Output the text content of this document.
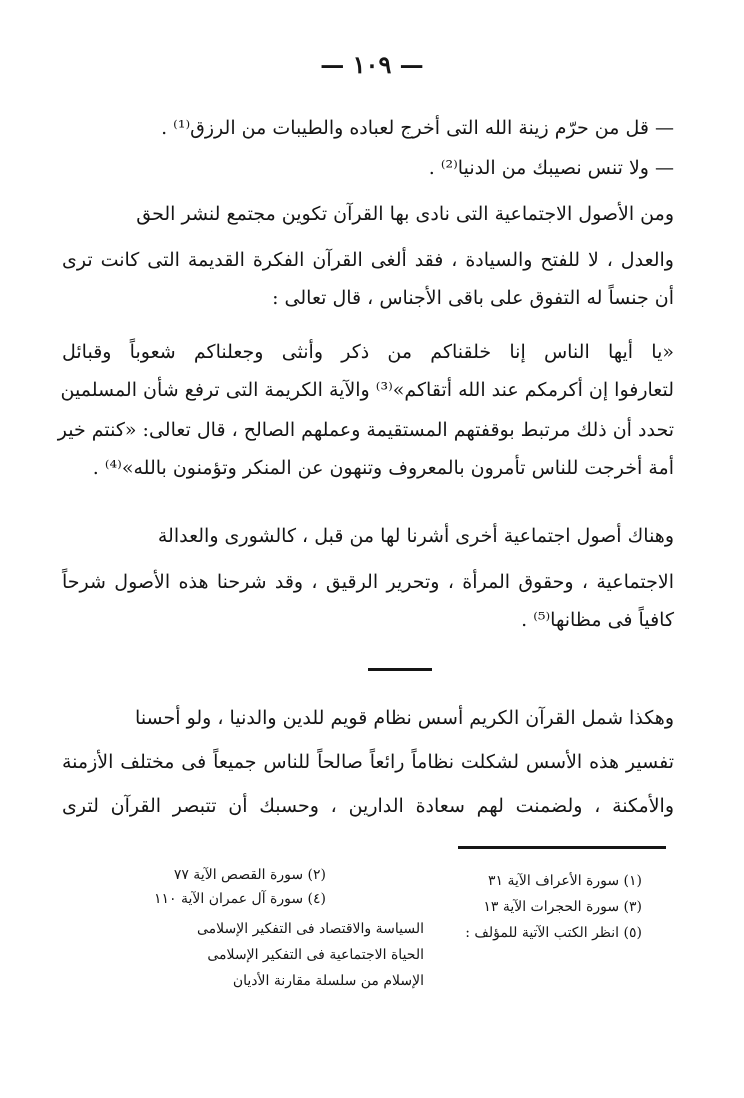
— ١٠٩ —
— قل من حرّم زينة الله التى أخرج لعباده والطيبات من الرزق⁽¹⁾ .
— ولا تنس نصيبك من الدنيا⁽²⁾ .
ومن الأصول الاجتماعية التى نادى بها القرآن تكوين مجتمع لنشر الحق
والعدل ، لا للفتح والسيادة ، فقد ألغى القرآن الفكرة القديمة التى كانت ترى
أن جنساً له التفوق على باقى الأجناس ، قال تعالى :
«يا أيها الناس إنا خلقناكم من ذكر وأنثى وجعلناكم شعوباً وقبائل
لتعارفوا إن أكرمكم عند الله أتقاكم»⁽³⁾ والآية الكريمة التى ترفع شأن المسلمين
تحدد أن ذلك مرتبط بوقفتهم المستقيمة وعملهم الصالح ، قال تعالى: «كنتم خير
أمة أخرجت للناس تأمرون بالمعروف وتنهون عن المنكر وتؤمنون بالله»⁽⁴⁾ .
وهناك أصول اجتماعية أخرى أشرنا لها من قبل ، كالشورى والعدالة
الاجتماعية ، وحقوق المرأة ، وتحرير الرقيق ، وقد شرحنا هذه الأصول شرحاً
كافياً فى مظانها⁽⁵⁾ .
وهكذا شمل القرآن الكريم أسس نظام قويم للدين والدنيا ، ولو أحسنا
تفسير هذه الأسس لشكلت نظاماً رائعاً صالحاً للناس جميعاً فى مختلف الأزمنة
والأمكنة ، ولضمنت لهم سعادة الدارين ، وحسبك أن تتبصر القرآن لترى
(١) سورة الأعراف الآية ٣١
(٢) سورة القصص الآية ٧٧
(٣) سورة الحجرات الآية ١٣
(٤) سورة آل عمران الآية ١١٠
(٥) انظر الكتب الآتية للمؤلف :
السياسة والاقتصاد فى التفكير الإسلامى
الحياة الاجتماعية فى التفكير الإسلامى
الإسلام من سلسلة مقارنة الأديان
